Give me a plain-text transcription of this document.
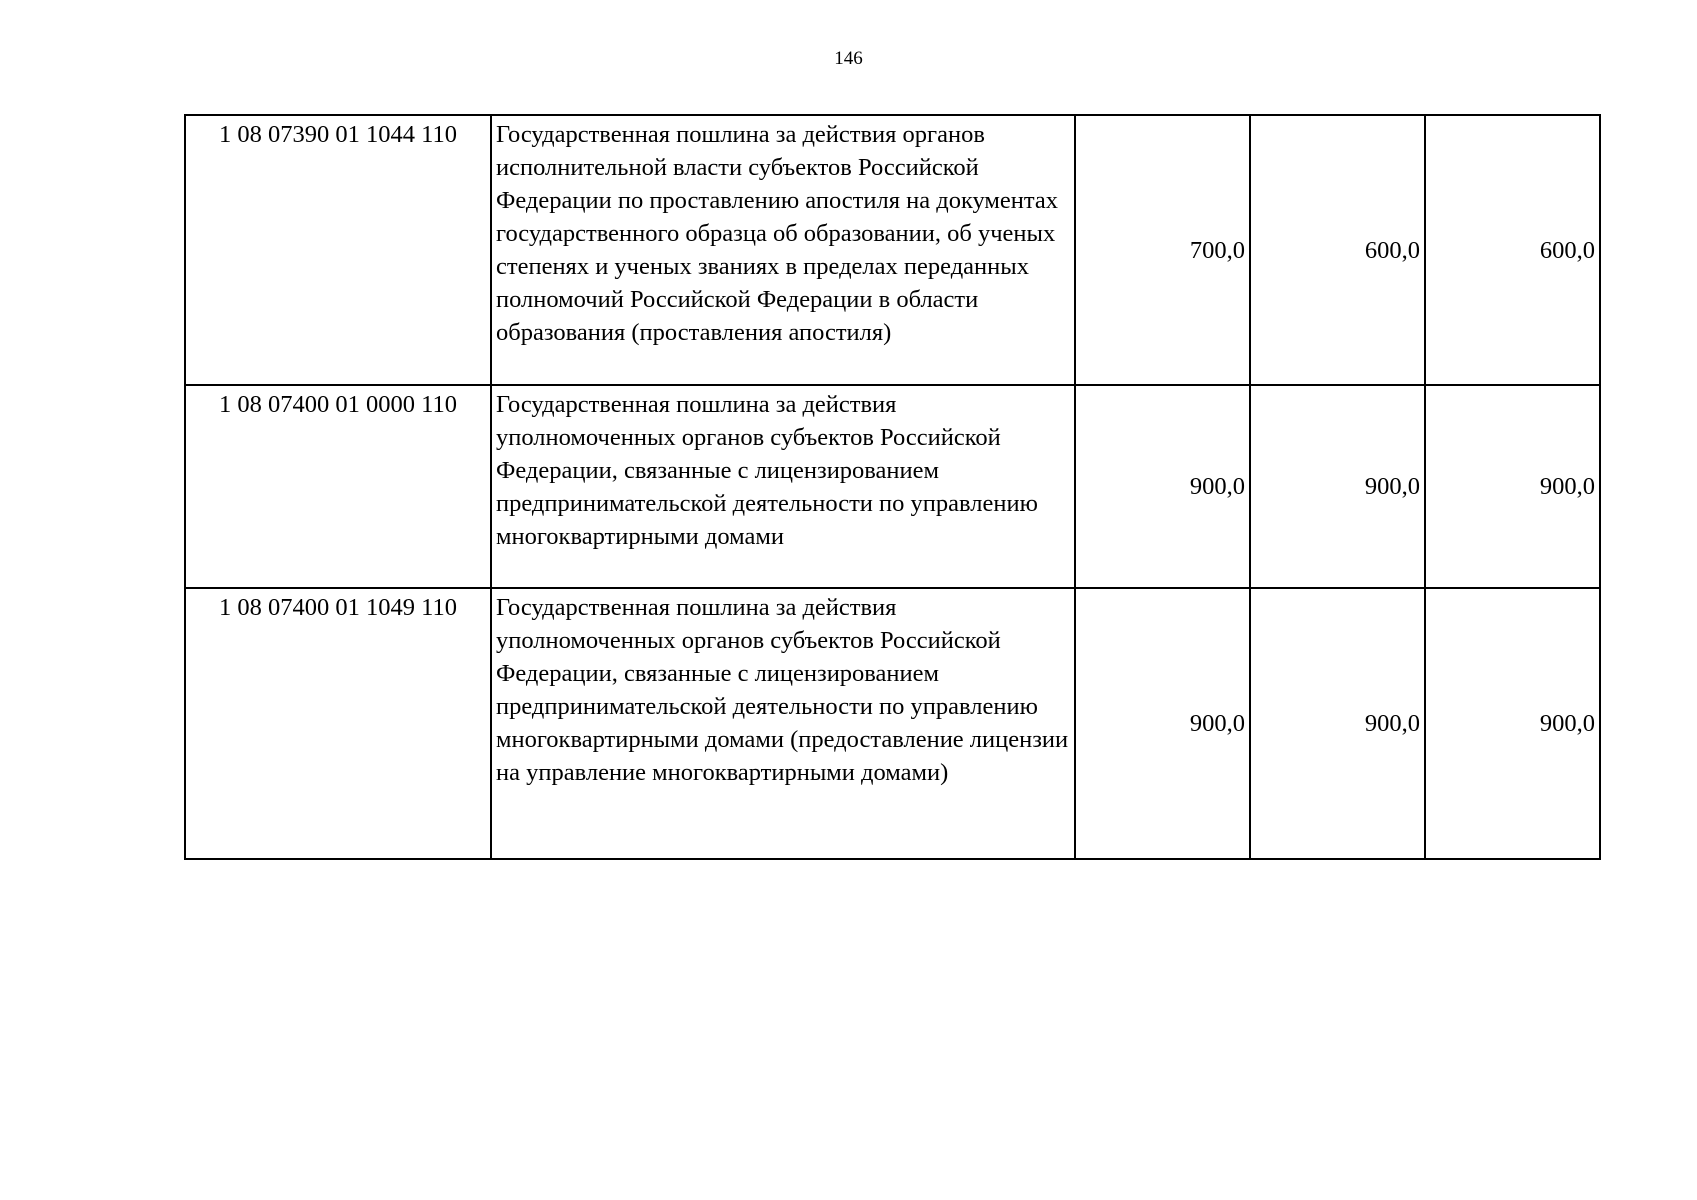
146
1 08 07390 01 1044 110	Государственная пошлина за действия органов исполнительной власти субъектов Российской Федерации по проставлению апостиля на документах государственного образца об образовании, об ученых степенях и ученых званиях в пределах переданных полномочий Российской Федерации в области образования (проставления апостиля)	700,0	600,0	600,0
1 08 07400 01 0000 110	Государственная пошлина за действия уполномоченных органов субъектов Российской Федерации, связанные с лицензированием предпринимательской деятельности по управлению многоквартирными домами	900,0	900,0	900,0
1 08 07400 01 1049 110	Государственная пошлина за действия уполномоченных органов субъектов Российской Федерации, связанные с лицензированием предпринимательской деятельности по управлению многоквартирными домами (предоставление лицензии на управление многоквартирными домами)	900,0	900,0	900,0
